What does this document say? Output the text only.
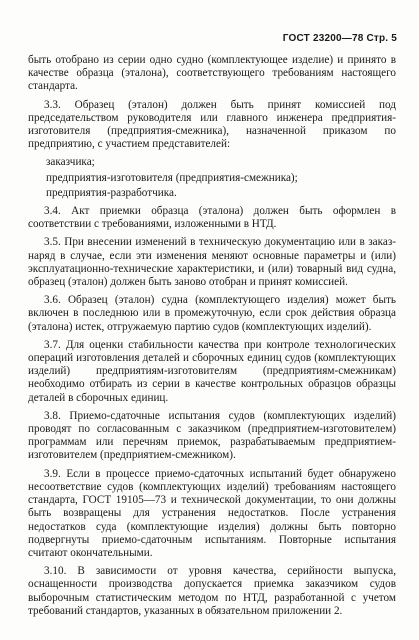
ГОСТ 23200—78 Стр. 5

быть отобрано из серии одно судно (комплектующее изделие) и принято в качестве образца (эталона), соответствующего требованиям настоящего стандарта.

3.3. Образец (эталон) должен быть принят комиссией под председательством руководителя или главного инженера предприятия-изготовителя (предприятия-смежника), назначенной приказом по предприятию, с участием представителей:

заказчика;
предприятия-изготовителя (предприятия-смежника);
предприятия-разработчика.

3.4. Акт приемки образца (эталона) должен быть оформлен в соответствии с требованиями, изложенными в НТД.

3.5. При внесении изменений в техническую документацию или в заказ-наряд в случае, если эти изменения меняют основные параметры и (или) эксплуатационно-технические характеристики, и (или) товарный вид судна, образец (эталон) должен быть заново отобран и принят комиссией.

3.6. Образец (эталон) судна (комплектующего изделия) может быть включен в последнюю или в промежуточную, если срок действия образца (эталона) истек, отгружаемую партию судов (комплектующих изделий).

3.7. Для оценки стабильности качества при контроле технологических операций изготовления деталей и сборочных единиц судов (комплектующих изделий) предприятиям-изготовителям (предприятиям-смежникам) необходимо отбирать из серии в качестве контрольных образцов образцы деталей в сборочных единиц.

3.8. Приемо-сдаточные испытания судов (комплектующих изделий) проводят по согласованным с заказчиком (предприятием-изготовителем) программам или перечням приемок, разрабатываемым предприятием-изготовителем (предприятием-смежником).

3.9. Если в процессе приемо-сдаточных испытаний будет обнаружено несоответствие судов (комплектующих изделий) требованиям настоящего стандарта, ГОСТ 19105—73 и технической документации, то они должны быть возвращены для устранения недостатков. После устранения недостатков суда (комплектующие изделия) должны быть повторно подвергнуты приемо-сдаточным испытаниям. Повторные испытания считают окончательными.

3.10. В зависимости от уровня качества, серийности выпуска, оснащенности производства допускается приемка заказчиком судов выборочным статистическим методом по НТД, разработанной с учетом требований стандартов, указанных в обязательном приложении 2.
